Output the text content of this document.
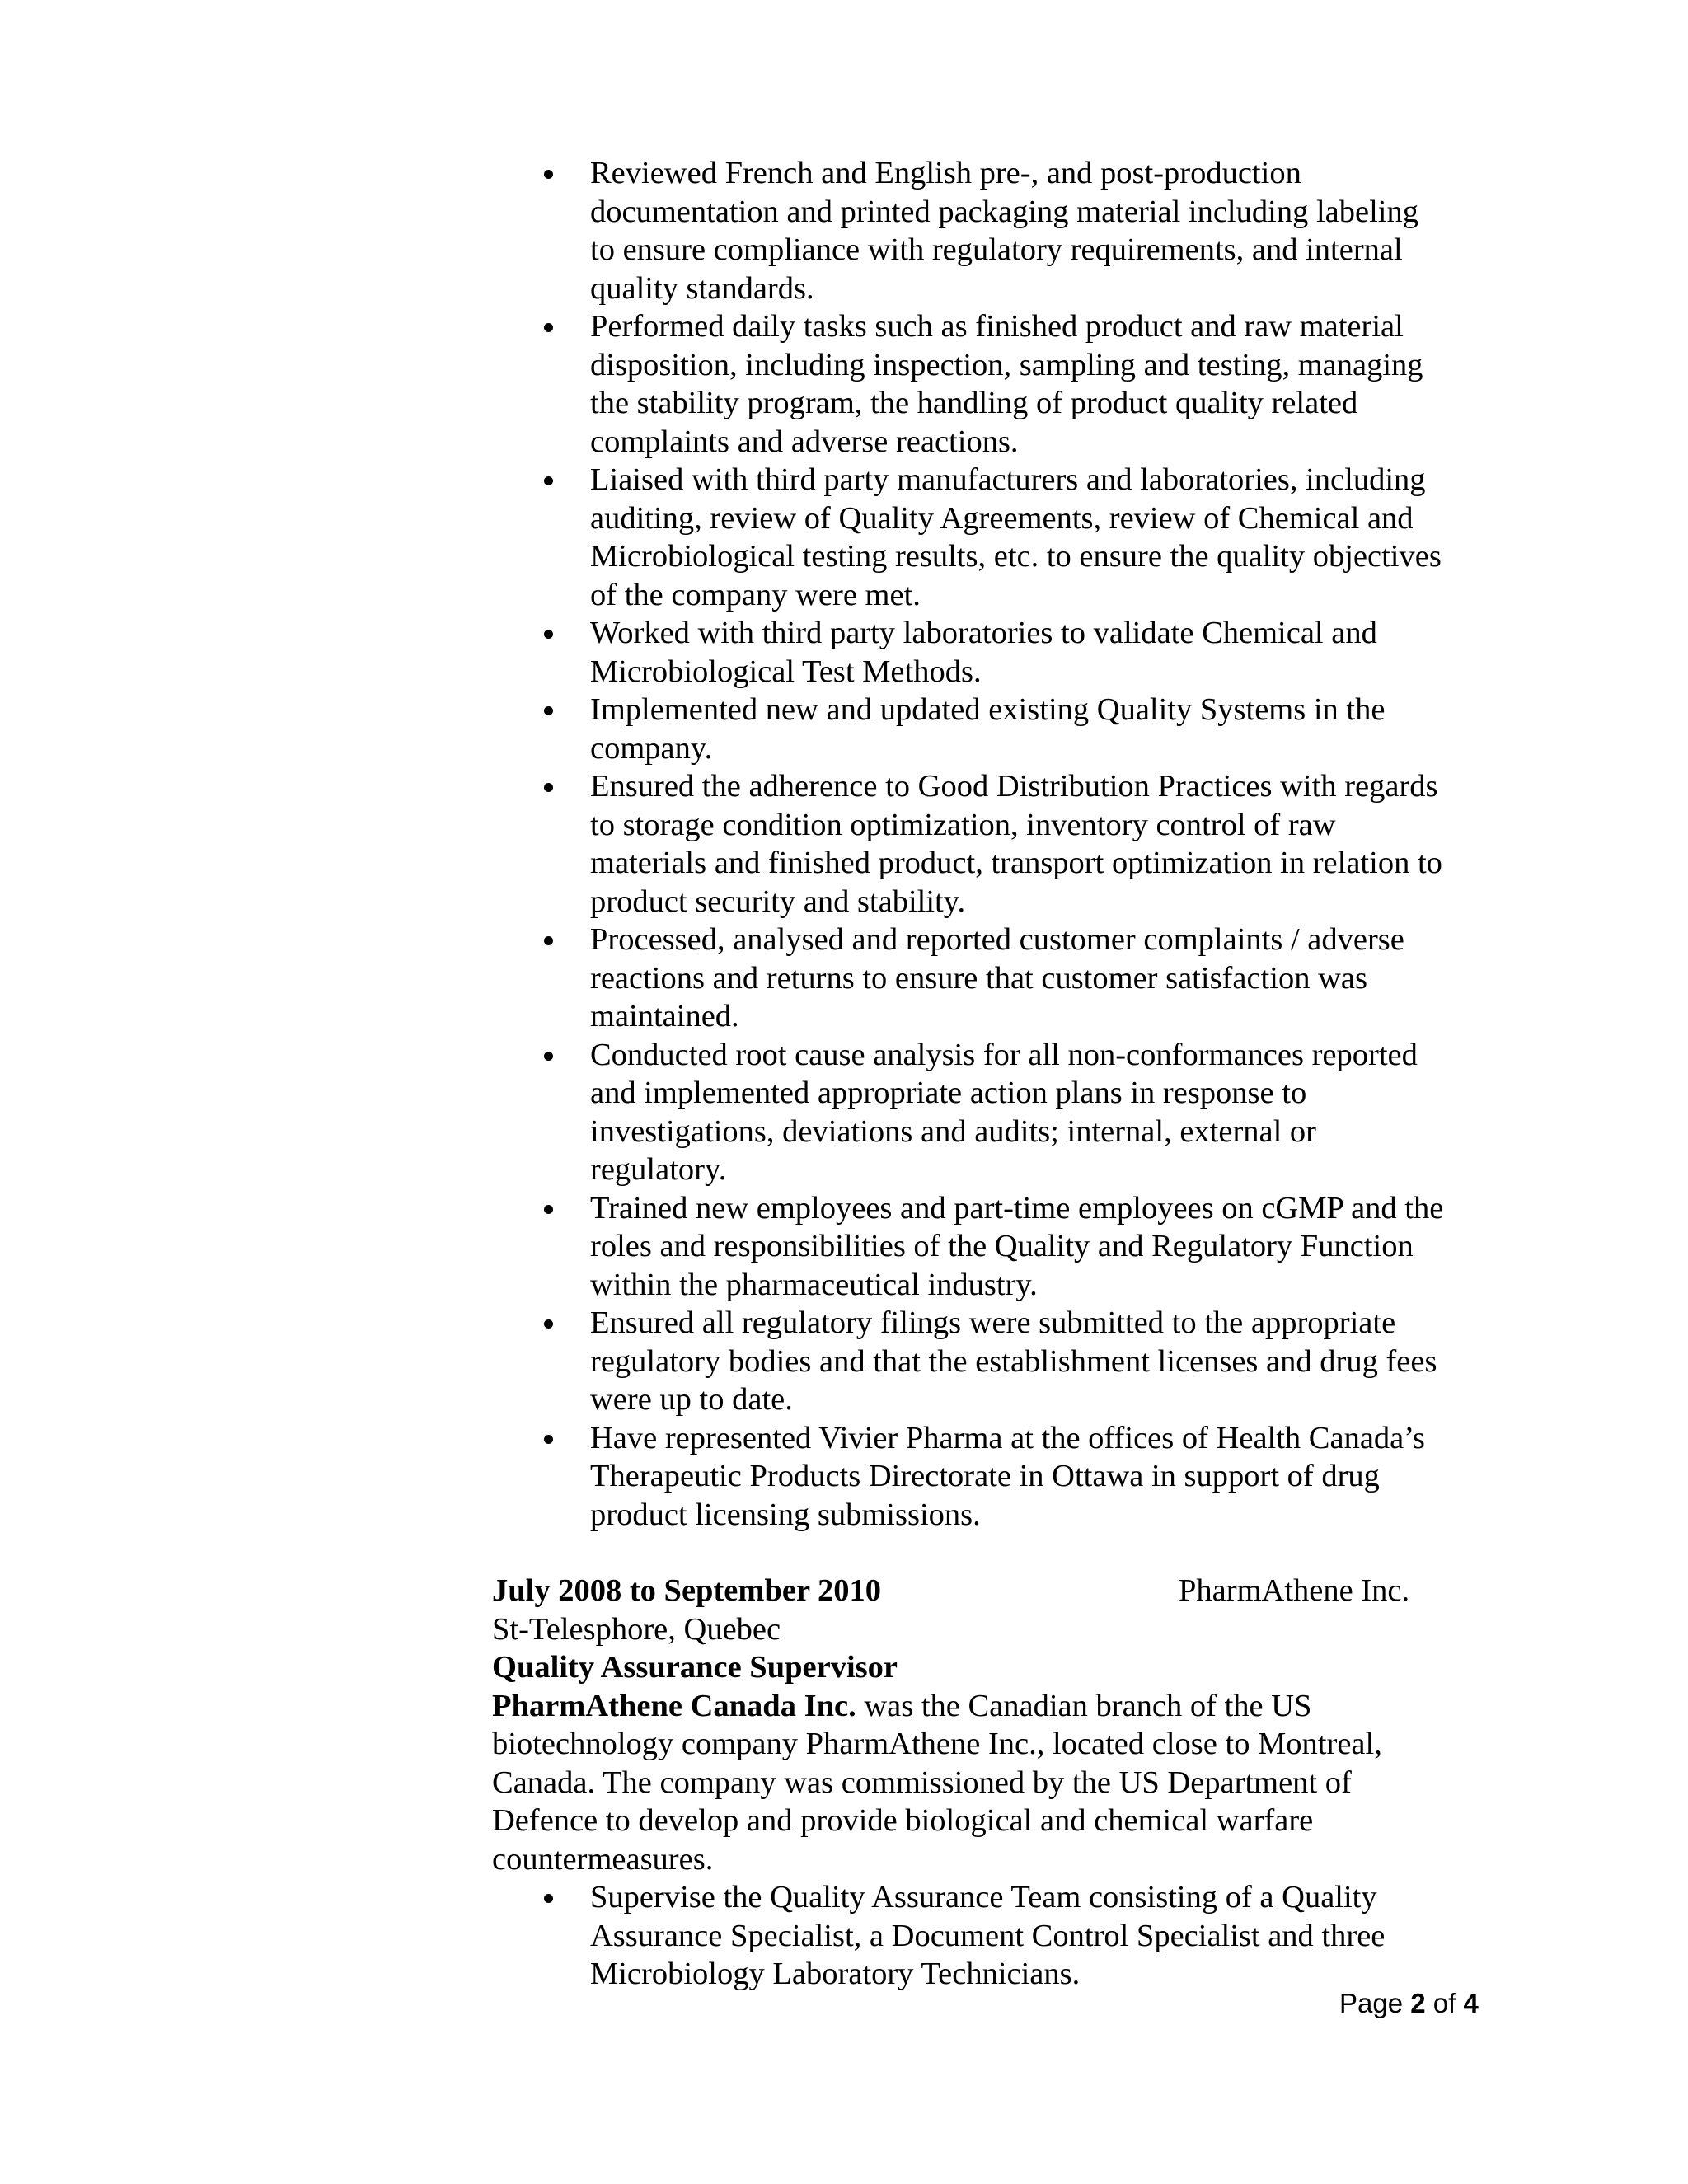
Reviewed French and English pre-, and post-production
documentation and printed packaging material including labeling
to ensure compliance with regulatory requirements, and internal
quality standards.
Performed daily tasks such as finished product and raw material
disposition, including inspection, sampling and testing, managing
the stability program, the handling of product quality related
complaints and adverse reactions.
Liaised with third party manufacturers and laboratories, including
auditing, review of Quality Agreements, review of Chemical and
Microbiological testing results, etc. to ensure the quality objectives
of the company were met.
Worked with third party laboratories to validate Chemical and
Microbiological Test Methods.
Implemented new and updated existing Quality Systems in the
company.
Ensured the adherence to Good Distribution Practices with regards
to storage condition optimization, inventory control of raw
materials and finished product, transport optimization in relation to
product security and stability.
Processed, analysed and reported customer complaints / adverse
reactions and returns to ensure that customer satisfaction was
maintained.
Conducted root cause analysis for all non-conformances reported
and implemented appropriate action plans in response to
investigations, deviations and audits; internal, external or
regulatory.
Trained new employees and part-time employees on cGMP and the
roles and responsibilities of the Quality and Regulatory Function
within the pharmaceutical industry.
Ensured all regulatory filings were submitted to the appropriate
regulatory bodies and that the establishment licenses and drug fees
were up to date.
Have represented Vivier Pharma at the offices of Health Canada’s
Therapeutic Products Directorate in Ottawa in support of drug
product licensing submissions.
July 2008 to September 2010	PharmAthene Inc.
St-Telesphore, Quebec
Quality Assurance Supervisor
PharmAthene Canada Inc. was the Canadian branch of the US
biotechnology company PharmAthene Inc., located close to Montreal,
Canada. The company was commissioned by the US Department of
Defence to develop and provide biological and chemical warfare
countermeasures.
Supervise the Quality Assurance Team consisting of a Quality
Assurance Specialist, a Document Control Specialist and three
Microbiology Laboratory Technicians.
Page 2 of 4
